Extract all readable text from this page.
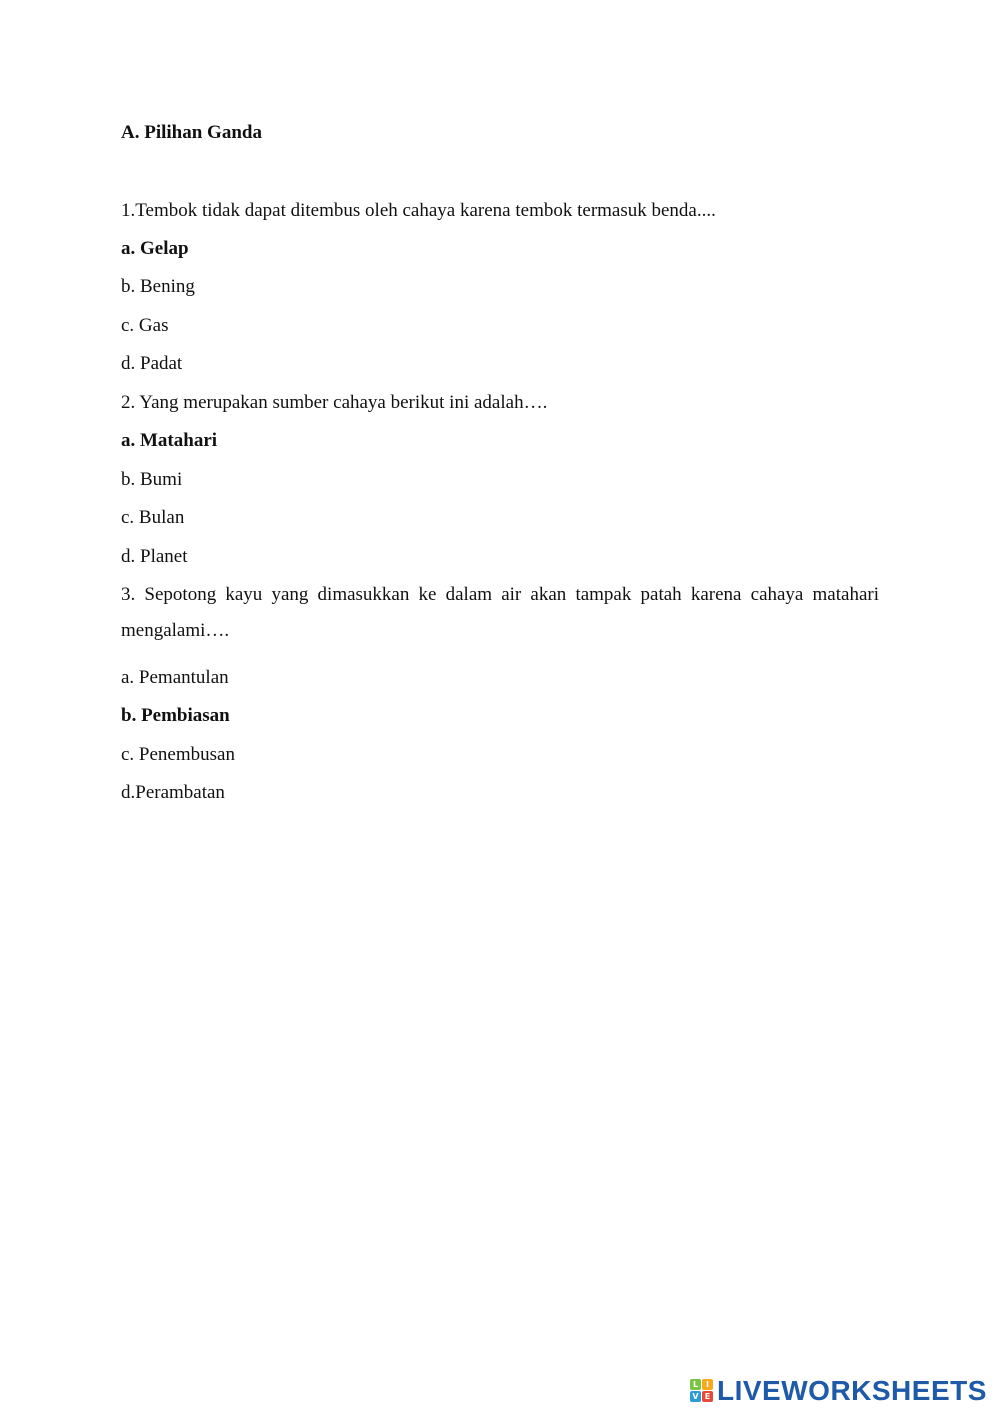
A. Pilihan Ganda
1.Tembok tidak dapat ditembus oleh cahaya karena tembok termasuk benda....
a. Gelap
b. Bening
c. Gas
d. Padat
2. Yang merupakan sumber cahaya berikut ini adalah….
a. Matahari
b. Bumi
c. Bulan
d. Planet
3. Sepotong kayu yang dimasukkan ke dalam air akan tampak patah karena cahaya matahari mengalami….
a. Pemantulan
b. Pembiasan
c. Penembusan
d.Perambatan
L I
V E LIVEWORKSHEETS
